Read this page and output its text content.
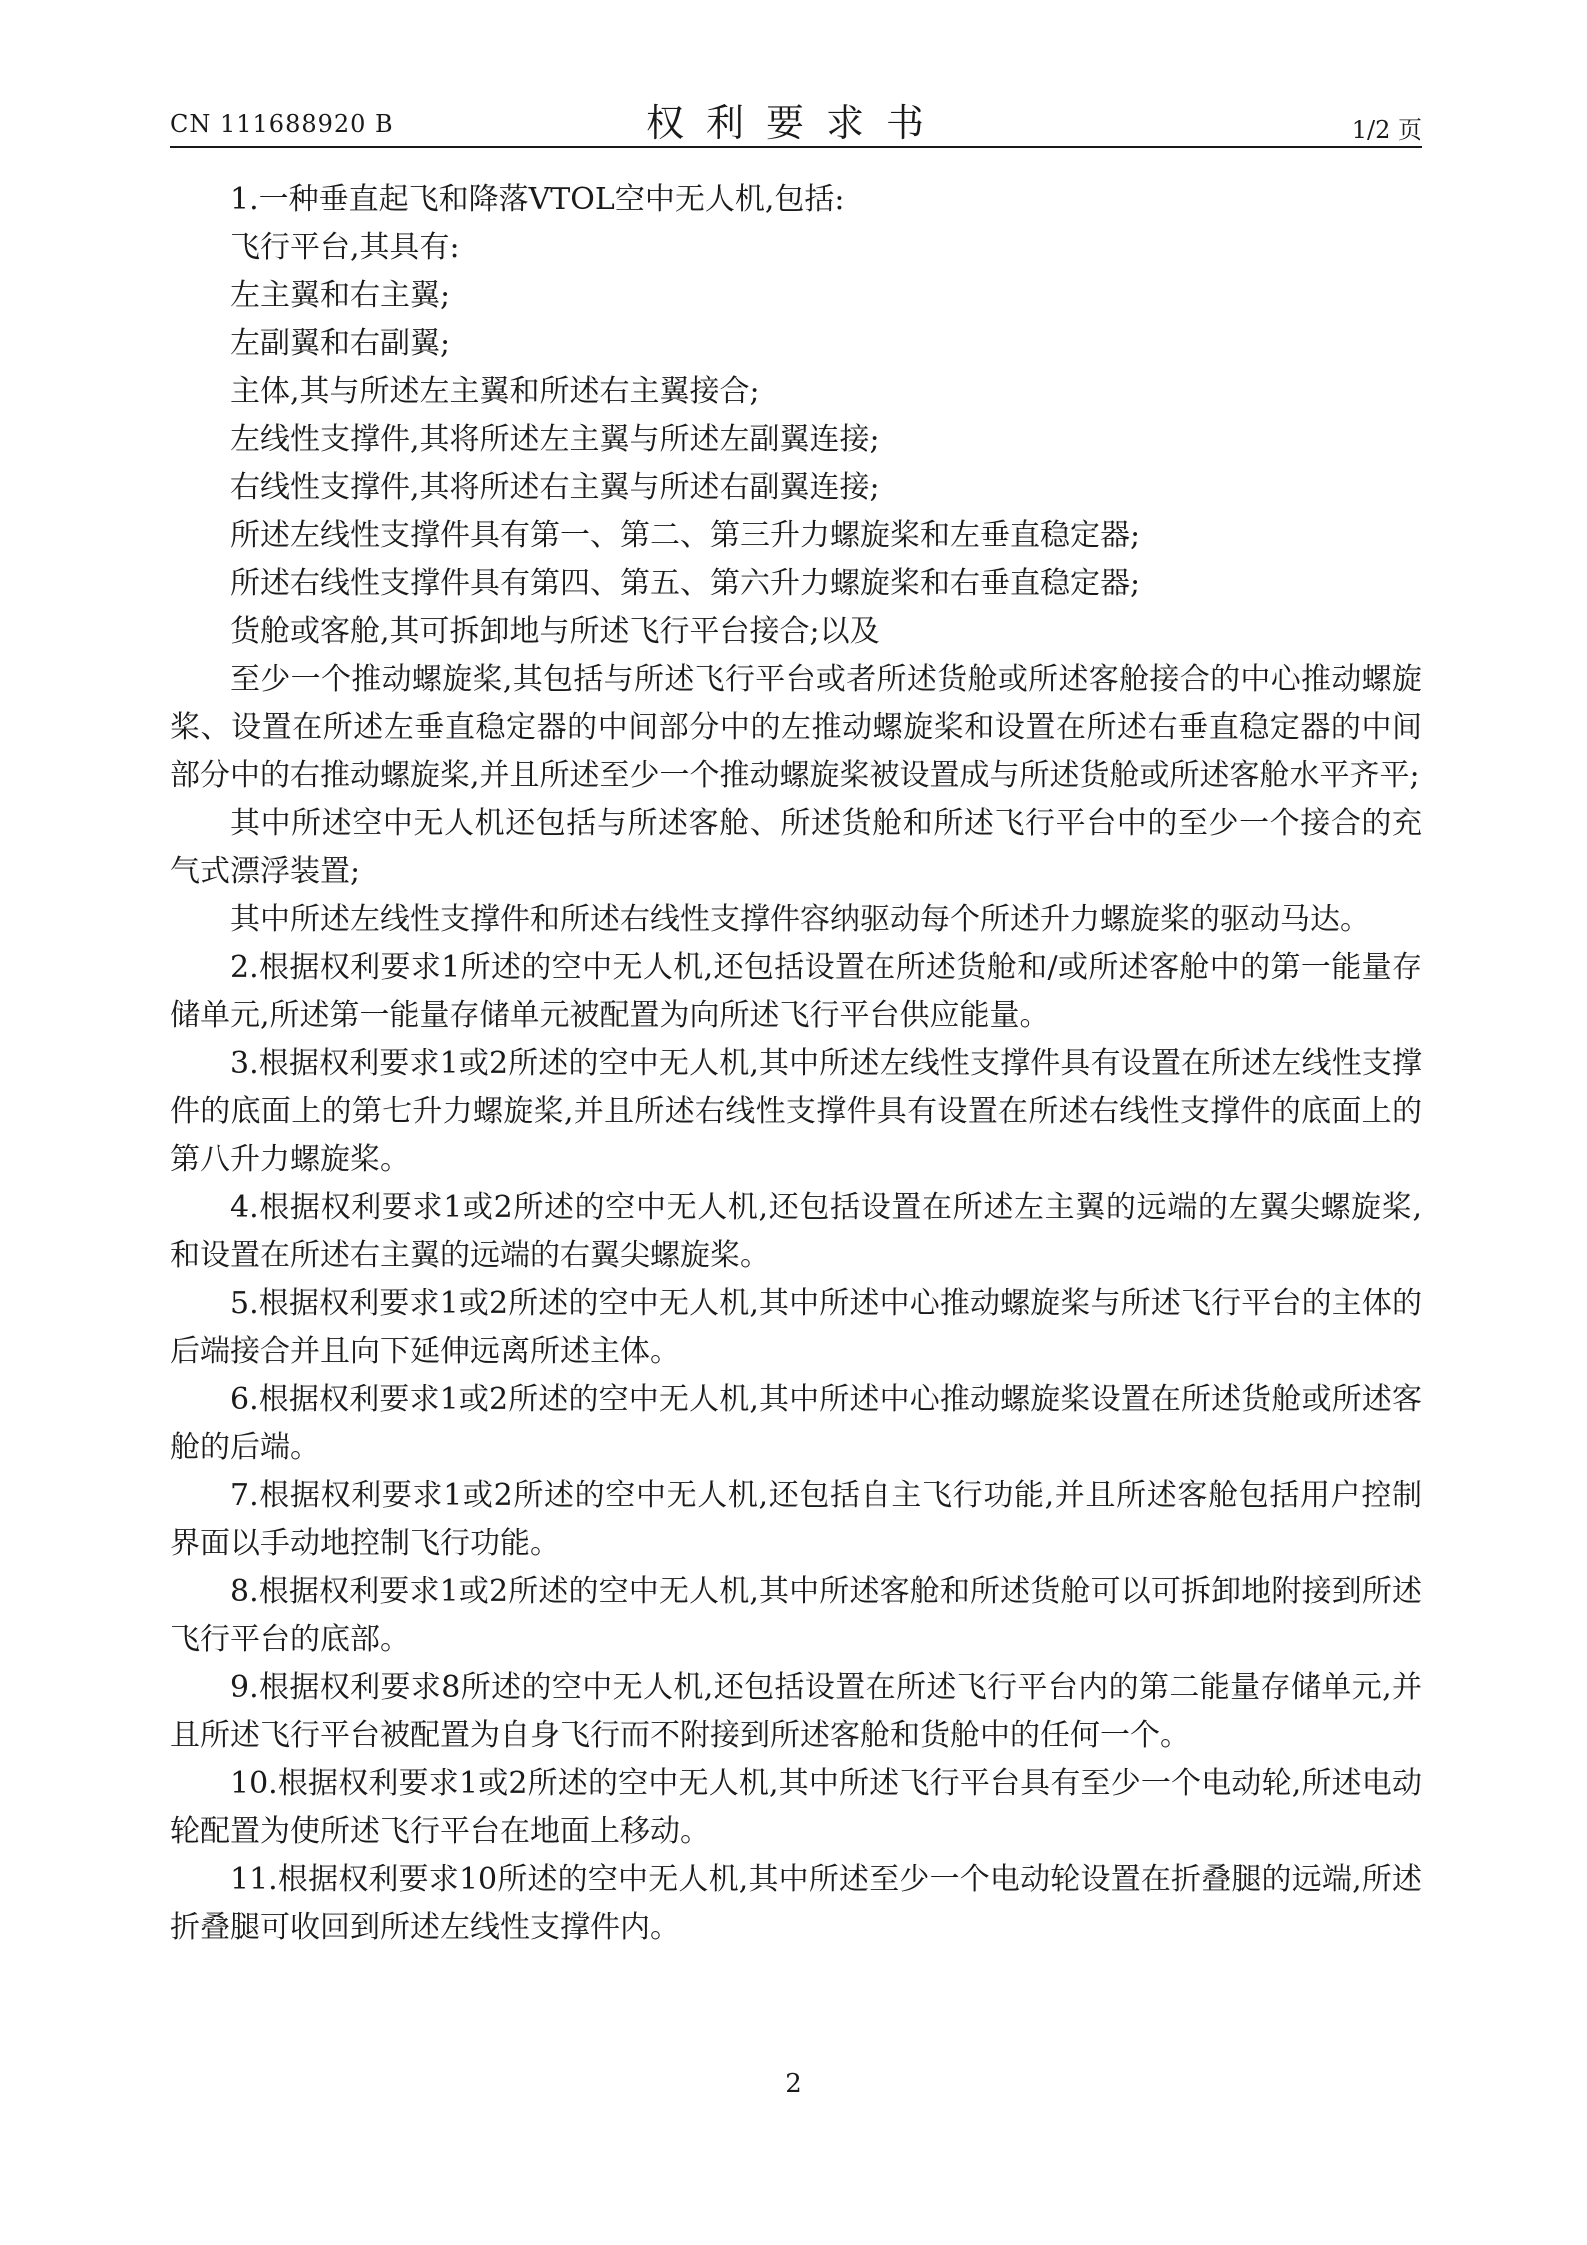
CN 111688920 B	权利要求书	1/2 页

1.一种垂直起飞和降落VTOL空中无人机,包括:

飞行平台,其具有:

左主翼和右主翼;

左副翼和右副翼;

主体,其与所述左主翼和所述右主翼接合;

左线性支撑件,其将所述左主翼与所述左副翼连接;

右线性支撑件,其将所述右主翼与所述右副翼连接;

所述左线性支撑件具有第一、第二、第三升力螺旋桨和左垂直稳定器;

所述右线性支撑件具有第四、第五、第六升力螺旋桨和右垂直稳定器;

货舱或客舱,其可拆卸地与所述飞行平台接合;以及

至少一个推动螺旋桨,其包括与所述飞行平台或者所述货舱或所述客舱接合的中心推动螺旋桨、设置在所述左垂直稳定器的中间部分中的左推动螺旋桨和设置在所述右垂直稳定器的中间部分中的右推动螺旋桨,并且所述至少一个推动螺旋桨被设置成与所述货舱或所述客舱水平齐平;

其中所述空中无人机还包括与所述客舱、所述货舱和所述飞行平台中的至少一个接合的充气式漂浮装置;

其中所述左线性支撑件和所述右线性支撑件容纳驱动每个所述升力螺旋桨的驱动马达。

2.根据权利要求1所述的空中无人机,还包括设置在所述货舱和/或所述客舱中的第一能量存储单元,所述第一能量存储单元被配置为向所述飞行平台供应能量。

3.根据权利要求1或2所述的空中无人机,其中所述左线性支撑件具有设置在所述左线性支撑件的底面上的第七升力螺旋桨,并且所述右线性支撑件具有设置在所述右线性支撑件的底面上的第八升力螺旋桨。

4.根据权利要求1或2所述的空中无人机,还包括设置在所述左主翼的远端的左翼尖螺旋桨,和设置在所述右主翼的远端的右翼尖螺旋桨。

5.根据权利要求1或2所述的空中无人机,其中所述中心推动螺旋桨与所述飞行平台的主体的后端接合并且向下延伸远离所述主体。

6.根据权利要求1或2所述的空中无人机,其中所述中心推动螺旋桨设置在所述货舱或所述客舱的后端。

7.根据权利要求1或2所述的空中无人机,还包括自主飞行功能,并且所述客舱包括用户控制界面以手动地控制飞行功能。

8.根据权利要求1或2所述的空中无人机,其中所述客舱和所述货舱可以可拆卸地附接到所述飞行平台的底部。

9.根据权利要求8所述的空中无人机,还包括设置在所述飞行平台内的第二能量存储单元,并且所述飞行平台被配置为自身飞行而不附接到所述客舱和货舱中的任何一个。

10.根据权利要求1或2所述的空中无人机,其中所述飞行平台具有至少一个电动轮,所述电动轮配置为使所述飞行平台在地面上移动。

11.根据权利要求10所述的空中无人机,其中所述至少一个电动轮设置在折叠腿的远端,所述折叠腿可收回到所述左线性支撑件内。

2
